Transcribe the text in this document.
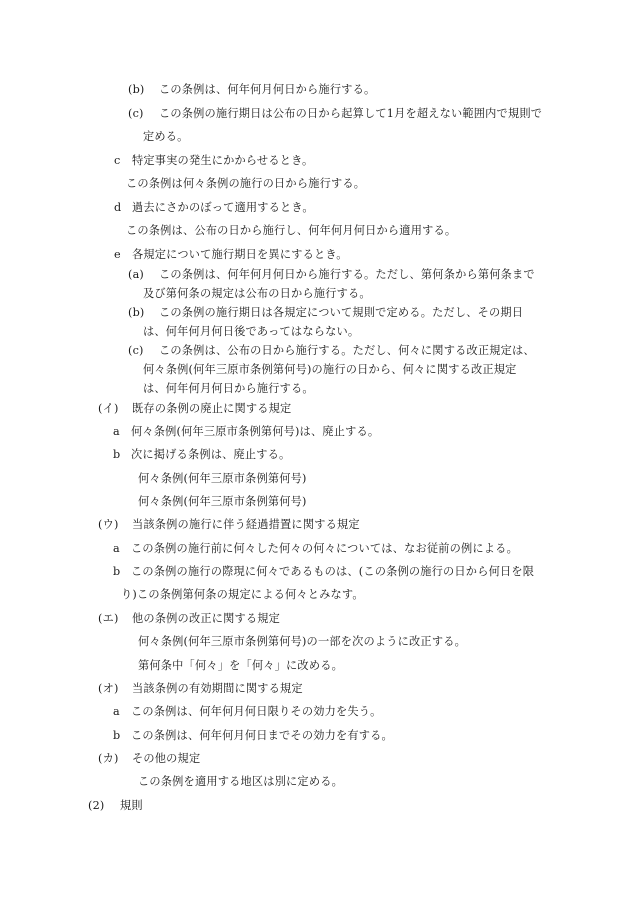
(b) この条例は、何年何月何日から施行する。
(c) この条例の施行期日は公布の日から起算して1月を超えない範囲内で規則で
定める。
c 特定事実の発生にかからせるとき。
この条例は何々条例の施行の日から施行する。
d 過去にさかのぼって適用するとき。
この条例は、公布の日から施行し、何年何月何日から適用する。
e 各規定について施行期日を異にするとき。
(a) この条例は、何年何月何日から施行する。ただし、第何条から第何条まで
及び第何条の規定は公布の日から施行する。
(b) この条例の施行期日は各規定について規則で定める。ただし、その期日
は、何年何月何日後であってはならない。
(c) この条例は、公布の日から施行する。ただし、何々に関する改正規定は、
何々条例(何年三原市条例第何号)の施行の日から、何々に関する改正規定
は、何年何月何日から施行する。
(イ) 既存の条例の廃止に関する規定
a 何々条例(何年三原市条例第何号)は、廃止する。
b 次に掲げる条例は、廃止する。
何々条例(何年三原市条例第何号)
何々条例(何年三原市条例第何号)
(ウ) 当該条例の施行に伴う経過措置に関する規定
a この条例の施行前に何々した何々の何々については、なお従前の例による。
b この条例の施行の際現に何々であるものは、(この条例の施行の日から何日を限
り)この条例第何条の規定による何々とみなす。
(エ) 他の条例の改正に関する規定
何々条例(何年三原市条例第何号)の一部を次のように改正する。
第何条中「何々」を「何々」に改める。
(オ) 当該条例の有効期間に関する規定
a この条例は、何年何月何日限りその効力を失う。
b この条例は、何年何月何日までその効力を有する。
(カ) その他の規定
この条例を適用する地区は別に定める。
(2) 規則
